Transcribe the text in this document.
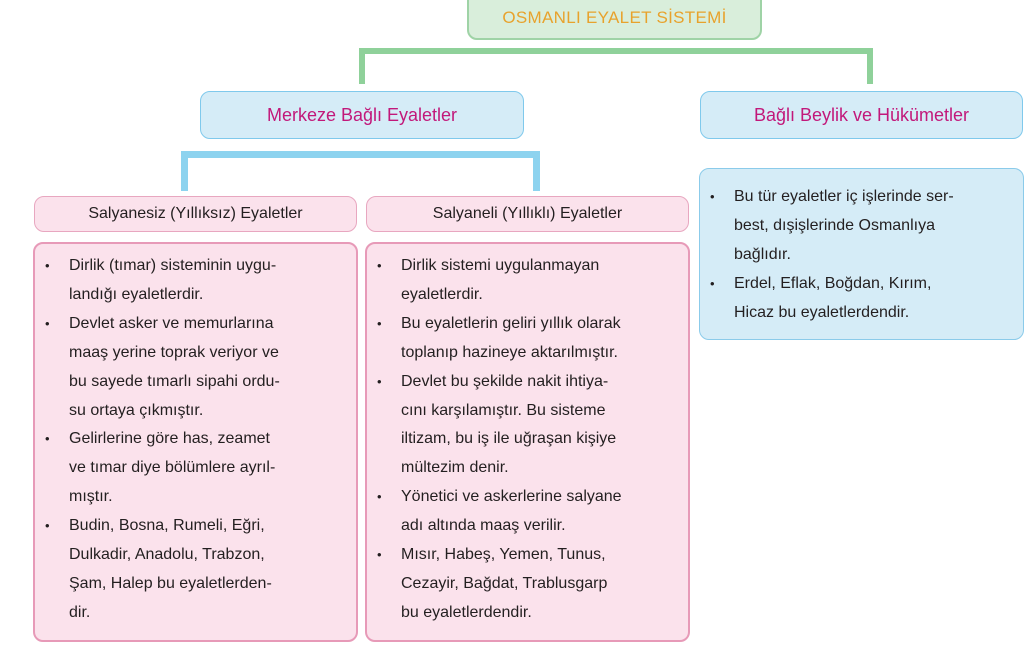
OSMANLI EYALET SİSTEMİ
Merkeze Bağlı Eyaletler	Bağlı Beylik ve Hükümetler
Salyanesiz (Yıllıksız) Eyaletler	Salyaneli (Yıllıklı) Eyaletler
• Dirlik (tımar) sisteminin uygu-
landığı eyaletlerdir.
• Devlet asker ve memurlarına
maaş yerine toprak veriyor ve
bu sayede tımarlı sipahi ordu-
su ortaya çıkmıştır.
• Gelirlerine göre has, zeamet
ve tımar diye bölümlere ayrıl-
mıştır.
• Budin, Bosna, Rumeli, Eğri,
Dulkadir, Anadolu, Trabzon,
Şam, Halep bu eyaletlerden-
dir.
• Dirlik sistemi uygulanmayan
eyaletlerdir.
• Bu eyaletlerin geliri yıllık olarak
toplanıp hazineye aktarılmıştır.
• Devlet bu şekilde nakit ihtiya-
cını karşılamıştır. Bu sisteme
iltizam, bu iş ile uğraşan kişiye
mültezim denir.
• Yönetici ve askerlerine salyane
adı altında maaş verilir.
• Mısır, Habeş, Yemen, Tunus,
Cezayir, Bağdat, Trablusgarp
bu eyaletlerdendir.
• Bu tür eyaletler iç işlerinde ser-
best, dışişlerinde Osmanlıya
bağlıdır.
• Erdel, Eflak, Boğdan, Kırım,
Hicaz bu eyaletlerdendir.
